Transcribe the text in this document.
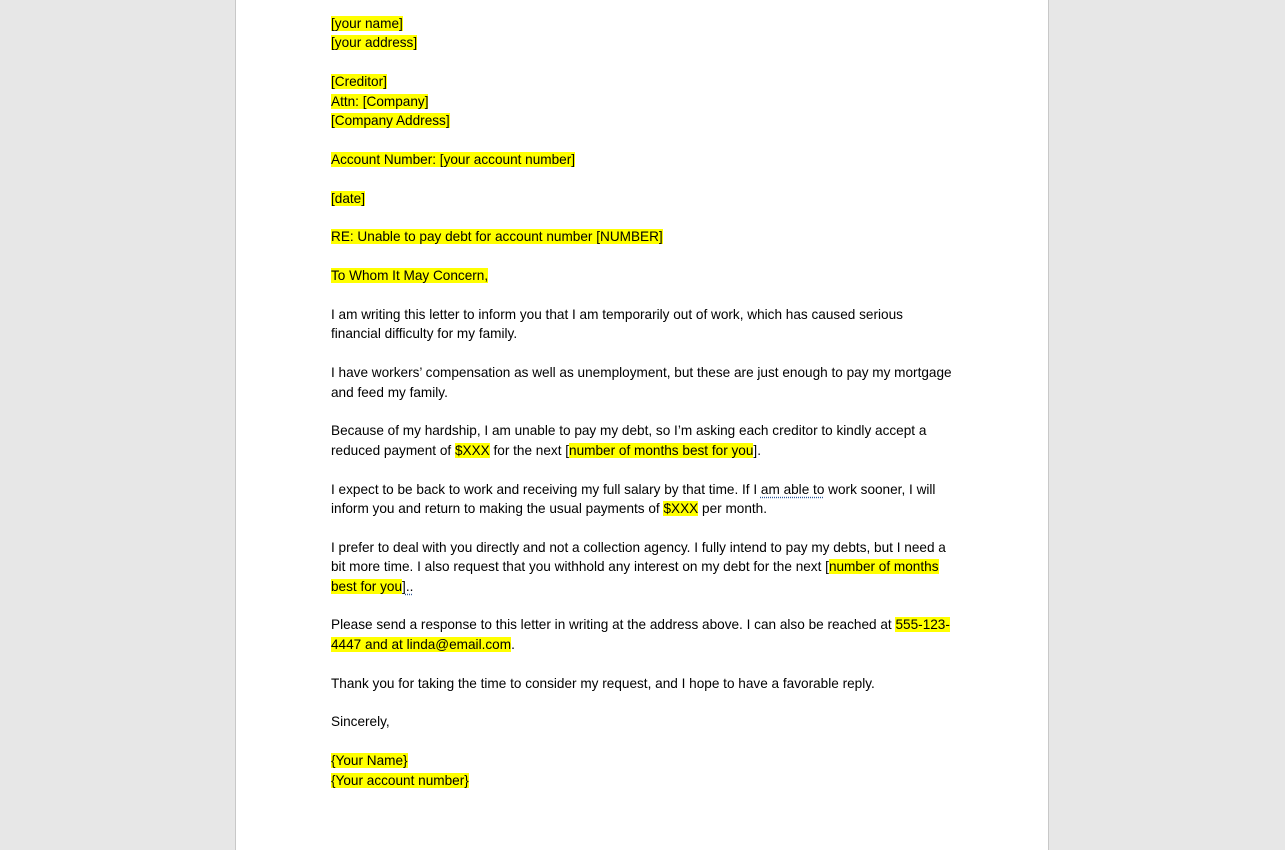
[your name]
[your address]

[Creditor]
Attn: [Company]
[Company Address]

Account Number: [your account number]

[date]

RE: Unable to pay debt for account number [NUMBER]

To Whom It May Concern,

I am writing this letter to inform you that I am temporarily out of work, which has caused serious financial difficulty for my family.

I have workers’ compensation as well as unemployment, but these are just enough to pay my mortgage and feed my family.

Because of my hardship, I am unable to pay my debt, so I’m asking each creditor to kindly accept a reduced payment of $XXX for the next [number of months best for you].

I expect to be back to work and receiving my full salary by that time. If I am able to work sooner, I will inform you and return to making the usual payments of $XXX per month.

I prefer to deal with you directly and not a collection agency. I fully intend to pay my debts, but I need a bit more time. I also request that you withhold any interest on my debt for the next [number of months best for you]..

Please send a response to this letter in writing at the address above. I can also be reached at 555-123-4447 and at linda@email.com.

Thank you for taking the time to consider my request, and I hope to have a favorable reply.

Sincerely,

{Your Name}
{Your account number}
